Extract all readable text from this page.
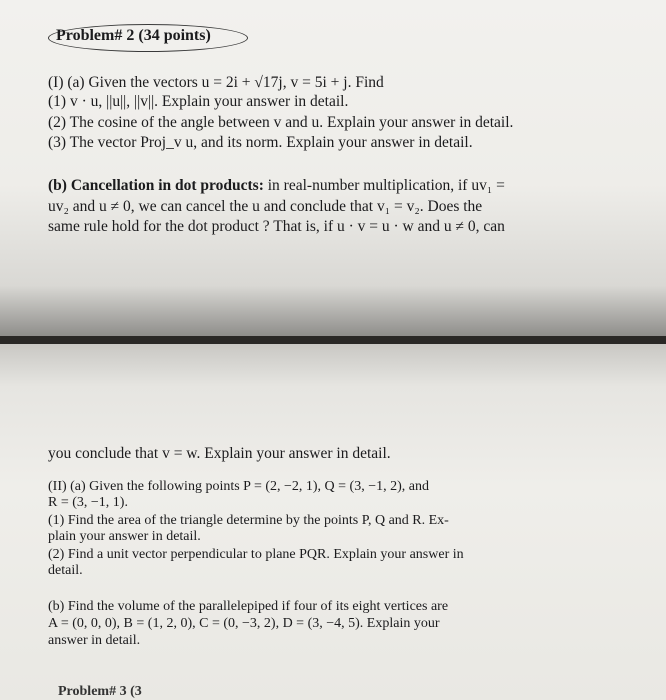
Problem# 2 (34 points)
(I) (a) Given the vectors u = 2i + √17j, v = 5i + j. Find
(1) v · u, ||u||, ||v||. Explain your answer in detail.
(2) The cosine of the angle between v and u. Explain your answer in detail.
(3) The vector Proj_v u, and its norm. Explain your answer in detail.
(b) Cancellation in dot products: in real-number multiplication, if uv₁ =
uv₂ and u ≠ 0, we can cancel the u and conclude that v₁ = v₂. Does the
same rule hold for the dot product ? That is, if u · v = u · w and u ≠ 0, can
you conclude that v = w. Explain your answer in detail.
(II) (a) Given the following points P = (2, −2, 1), Q = (3, −1, 2), and
R = (3, −1, 1).
(1) Find the area of the triangle determine by the points P, Q and R. Ex-
plain your answer in detail.
(2) Find a unit vector perpendicular to plane PQR. Explain your answer in
detail.
(b) Find the volume of the parallelepiped if four of its eight vertices are
A = (0, 0, 0), B = (1, 2, 0), C = (0, −3, 2), D = (3, −4, 5). Explain your
answer in detail.
Problem# 3 (3
